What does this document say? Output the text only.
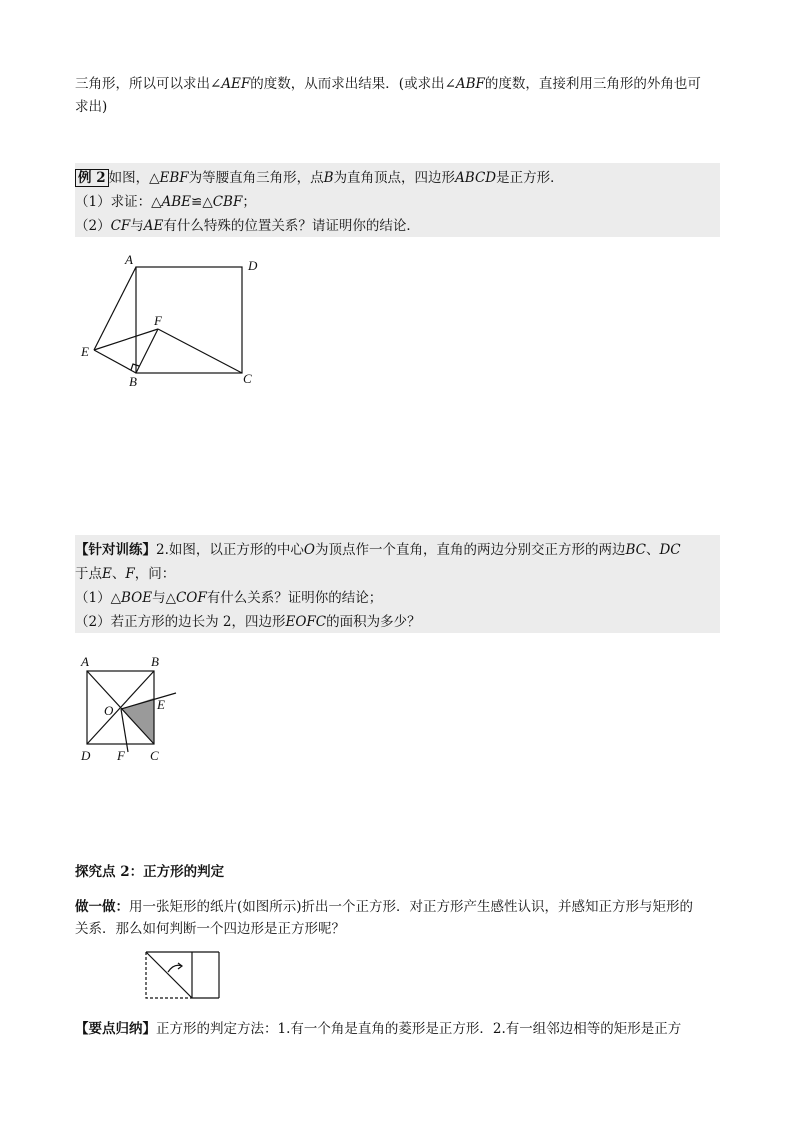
三角形，所以可以求出∠AEF的度数，从而求出结果．(或求出∠ABF的度数，直接利用三角形的外角也可
求出)
例 2 如图，△EBF为等腰直角三角形，点B为直角顶点，四边形ABCD是正方形．
（1）求证：△ABE≌△CBF；
（2）CF与AE有什么特殊的位置关系？请证明你的结论．
A	D
F
E
B	C
【针对训练】2.如图，以正方形的中心O为顶点作一个直角，直角的两边分别交正方形的两边BC、DC
于点E、F，问：
（1）△BOE与△COF有什么关系？证明你的结论；
（2）若正方形的边长为 2，四边形EOFC的面积为多少？
A	B
O	E
D F C
探究点 2：正方形的判定
做一做：用一张矩形的纸片(如图所示)折出一个正方形．对正方形产生感性认识，并感知正方形与矩形的
关系．那么如何判断一个四边形是正方形呢？
【要点归纳】正方形的判定方法：1.有一个角是直角的菱形是正方形．2.有一组邻边相等的矩形是正方
